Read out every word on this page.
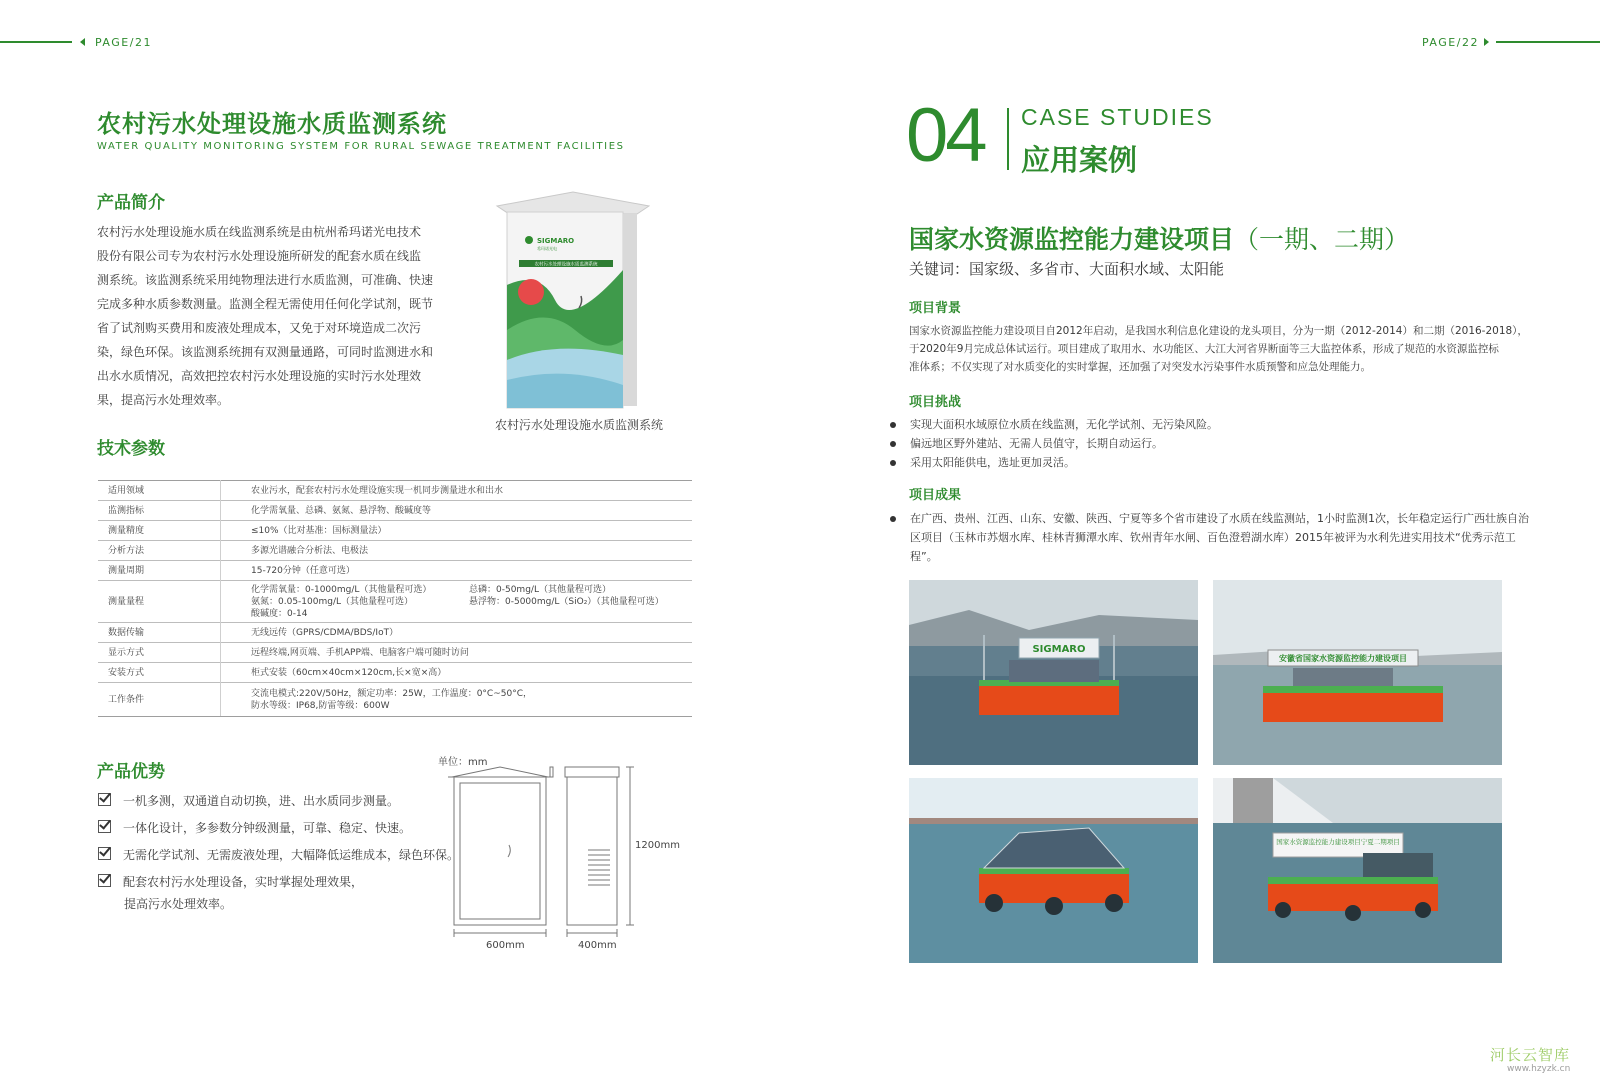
PAGE/21	PAGE/22
农村污水处理设施水质监测系统
WATER QUALITY MONITORING SYSTEM FOR RURAL SEWAGE TREATMENT FACILITIES
产品简介
农村污水处理设施水质在线监测系统是由杭州希玛诺光电技术
股份有限公司专为农村污水处理设施所研发的配套水质在线监
测系统。该监测系统采用纯物理法进行水质监测，可准确、快速
完成多种水质参数测量。监测全程无需使用任何化学试剂，既节
省了试剂购买费用和废液处理成本，又免于对环境造成二次污
染，绿色环保。该监测系统拥有双测量通路，可同时监测进水和
出水水质情况，高效把控农村污水处理设施的实时污水处理效
果，提高污水处理效率。
SIGMARO
希玛诺光电
农村污水处理设施水质监测系统
农村污水处理设施水质监测系统
技术参数
适用领域	农业污水，配套农村污水处理设施实现一机同步测量进水和出水
监测指标	化学需氧量、总磷、氨氮、悬浮物、酸碱度等
测量精度	≤10%（比对基准：国标测量法）
分析方法	多源光谱融合分析法、电极法
测量周期	15-720分钟（任意可选）
测量量程	化学需氧量：0-1000mg/L（其他量程可选） 总磷：0-50mg/L（其他量程可选）
氨氮：0.05-100mg/L（其他量程可选） 悬浮物：0-5000mg/L（SiO₂）（其他量程可选）
酸碱度：0-14

数据传输	无线远传（GPRS/CDMA/BDS/IoT）
显示方式	远程终端,网页端、手机APP端、电脑客户端可随时访问
安装方式	柜式安装（60cm×40cm×120cm,长×宽×高）
工作条件	交流电模式:220V/50Hz，额定功率：25W，工作温度：0°C~50°C，
防水等级：IP68,防雷等级：600W
产品优势
一机多测，双通道自动切换，进、出水质同步测量。
一体化设计，多参数分钟级测量，可靠、稳定、快速。
无需化学试剂、无需废液处理，大幅降低运维成本，绿色环保。
配套农村污水处理设备，实时掌握处理效果，
提高污水处理效率。
单位：mm
1200mm
600mm	400mm
04 CASE STUDIES
应用案例
国家水资源监控能力建设项目（一期、二期）
关键词：国家级、多省市、大面积水域、太阳能
项目背景
国家水资源监控能力建设项目自2012年启动，是我国水利信息化建设的龙头项目，分为一期（2012-2014）和二期（2016-2018），
于2020年9月完成总体试运行。项目建成了取用水、水功能区、大江大河省界断面等三大监控体系，形成了规范的水资源监控标
准体系；不仅实现了对水质变化的实时掌握，还加强了对突发水污染事件水质预警和应急处理能力。
项目挑战
实现大面积水域原位水质在线监测，无化学试剂、无污染风险。
偏远地区野外建站、无需人员值守，长期自动运行。
采用太阳能供电，选址更加灵活。
项目成果
在广西、贵州、江西、山东、安徽、陕西、宁夏等多个省市建设了水质在线监测站，1小时监测1次，长年稳定运行广西壮族自治
区项目（玉林市苏烟水库、桂林青狮潭水库、钦州青年水闸、百色澄碧湖水库）2015年被评为水利先进实用技术“优秀示范工
程”。
SIGMARO
安徽省国家水资源监控能力建设项目
国家水资源监控能力建设项目宁夏二期项目
河长云智库
www.hzyzk.cn
